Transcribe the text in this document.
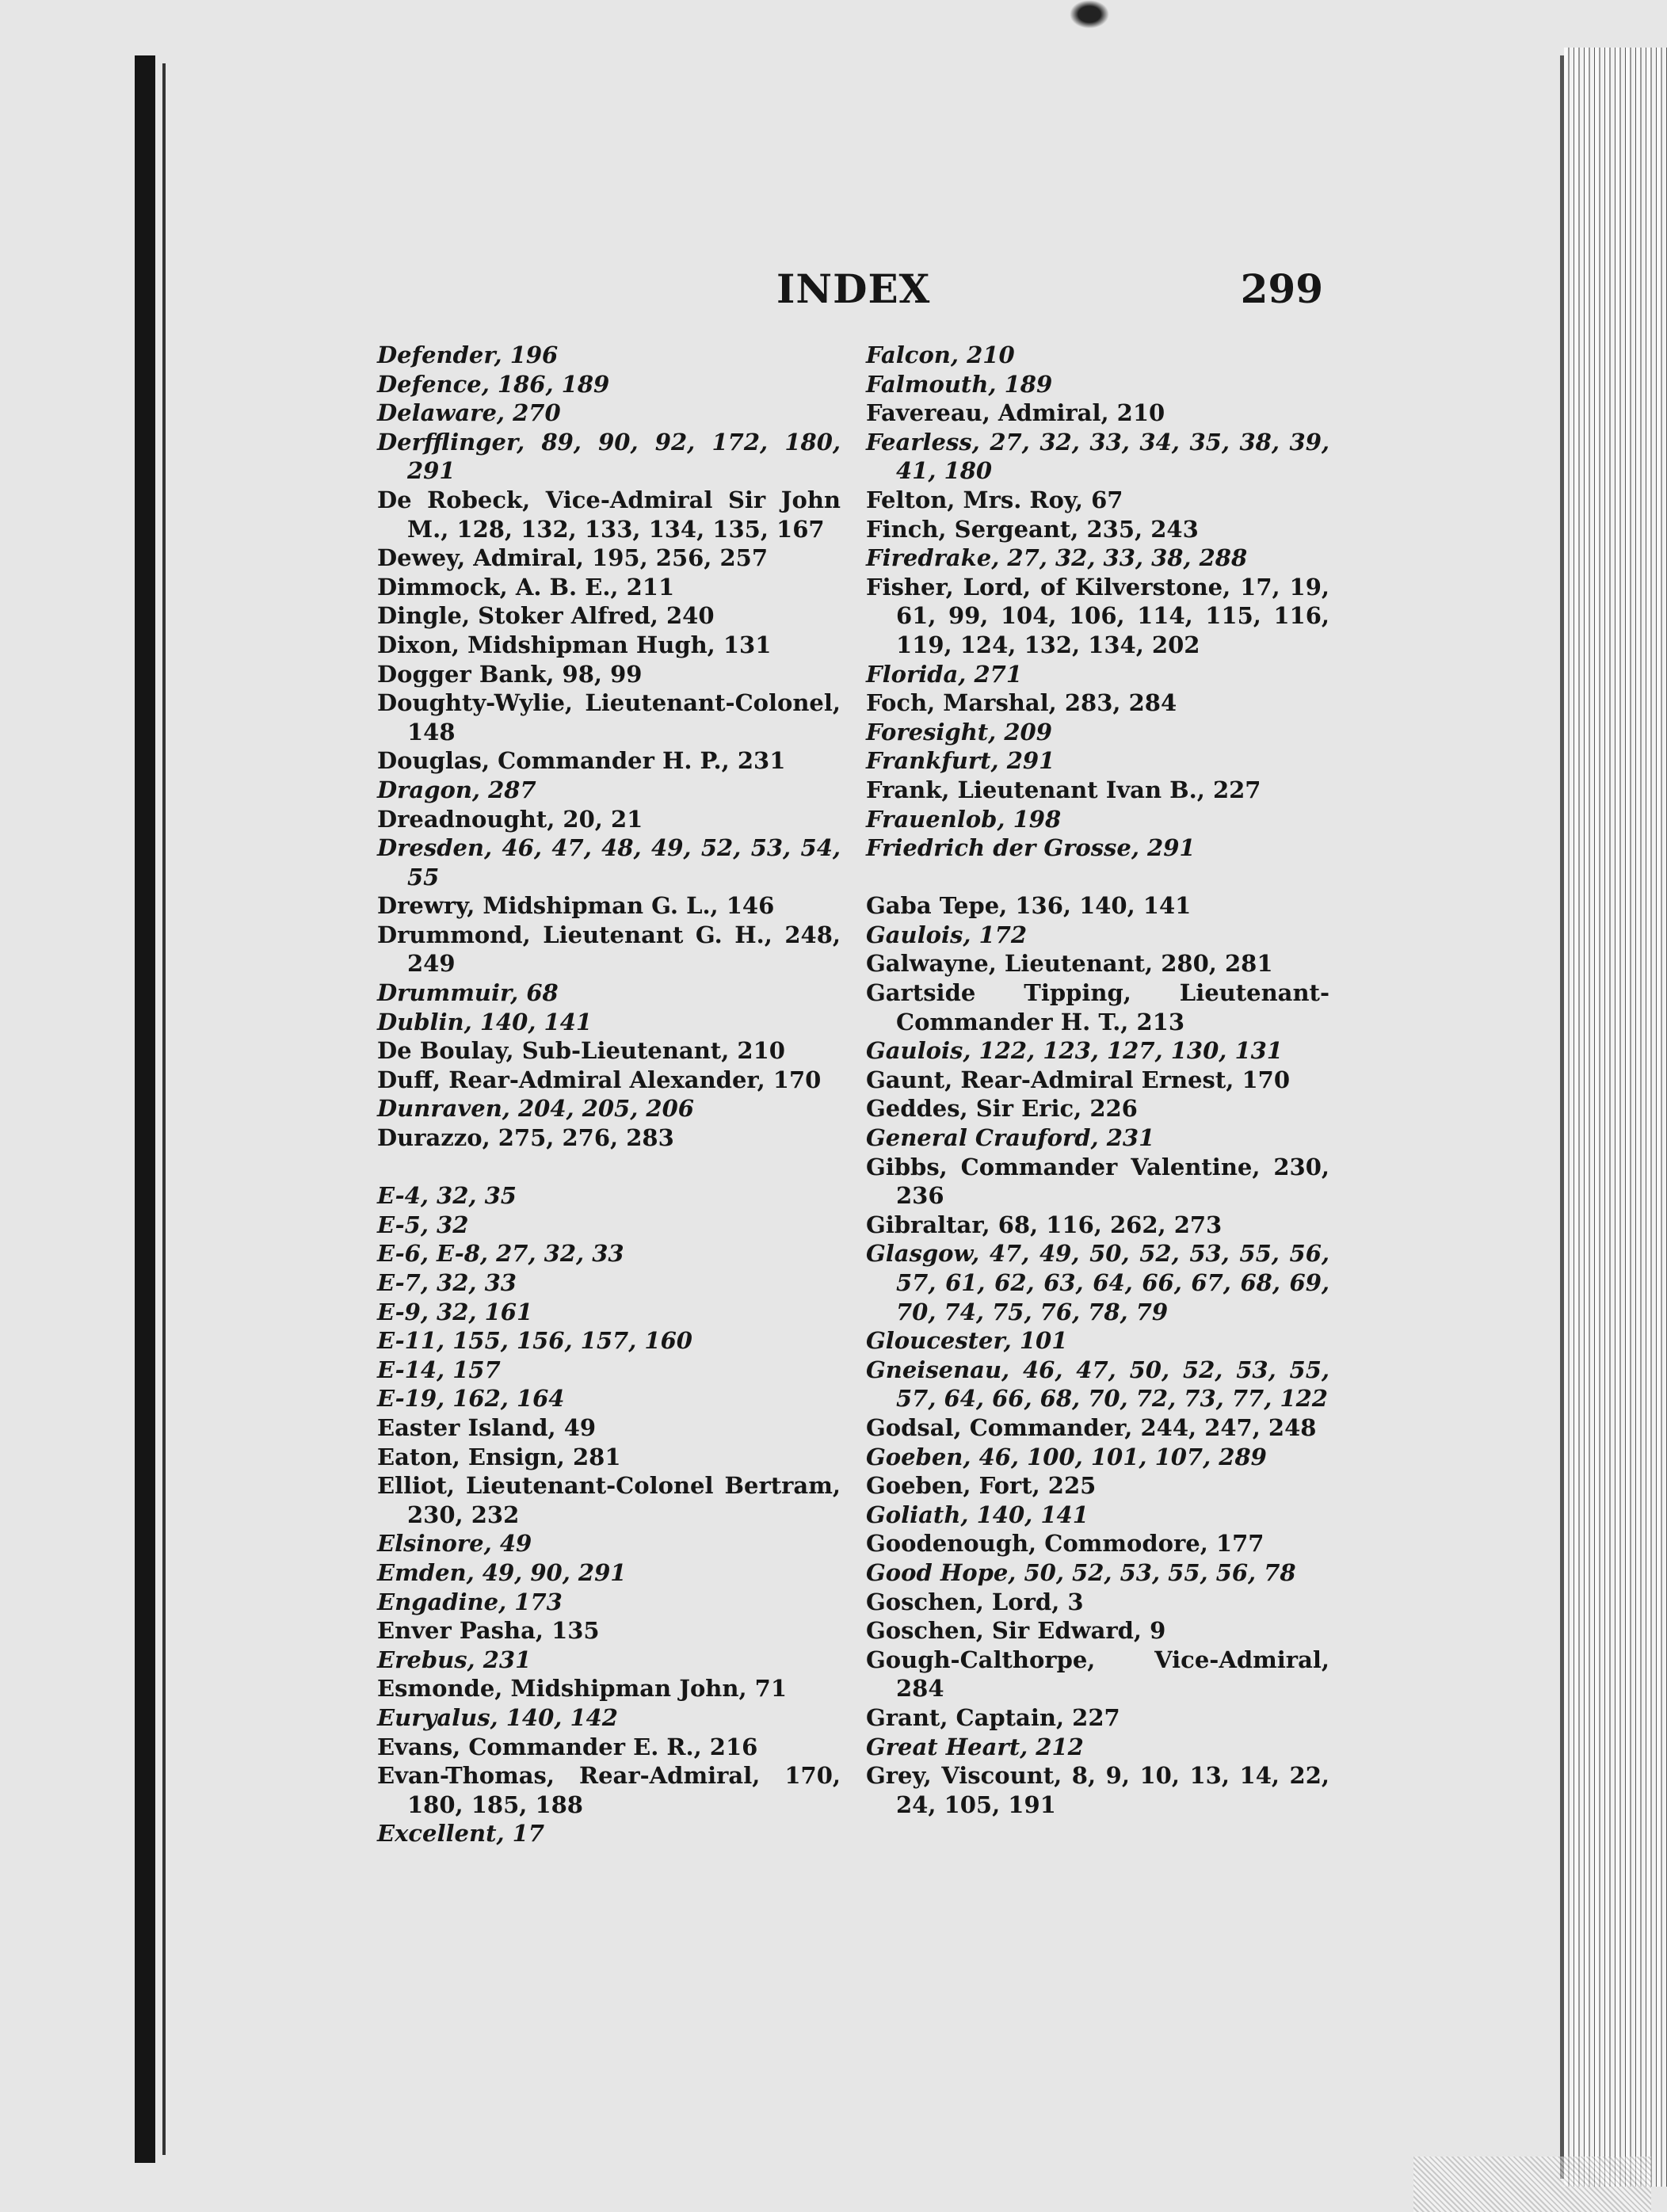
INDEX	299
Defender, 196
Defence, 186, 189
Delaware, 270
Derfflinger, 89, 90, 92, 172, 180, 291
De Robeck, Vice-Admiral Sir John M., 128, 132, 133, 134, 135, 167
Dewey, Admiral, 195, 256, 257
Dimmock, A. B. E., 211
Dingle, Stoker Alfred, 240
Dixon, Midshipman Hugh, 131
Dogger Bank, 98, 99
Doughty-Wylie, Lieutenant-Colonel, 148
Douglas, Commander H. P., 231
Dragon, 287
Dreadnought, 20, 21
Dresden, 46, 47, 48, 49, 52, 53, 54, 55
Drewry, Midshipman G. L., 146
Drummond, Lieutenant G. H., 248, 249
Drummuir, 68
Dublin, 140, 141
De Boulay, Sub-Lieutenant, 210
Duff, Rear-Admiral Alexander, 170
Dunraven, 204, 205, 206
Durazzo, 275, 276, 283
E-4, 32, 35
E-5, 32
E-6, E-8, 27, 32, 33
E-7, 32, 33
E-9, 32, 161
E-11, 155, 156, 157, 160
E-14, 157
E-19, 162, 164
Easter Island, 49
Eaton, Ensign, 281
Elliot, Lieutenant-Colonel Bertram, 230, 232
Elsinore, 49
Emden, 49, 90, 291
Engadine, 173
Enver Pasha, 135
Erebus, 231
Esmonde, Midshipman John, 71
Euryalus, 140, 142
Evans, Commander E. R., 216
Evan-Thomas, Rear-Admiral, 170, 180, 185, 188
Excellent, 17
Falcon, 210
Falmouth, 189
Favereau, Admiral, 210
Fearless, 27, 32, 33, 34, 35, 38, 39, 41, 180
Felton, Mrs. Roy, 67
Finch, Sergeant, 235, 243
Firedrake, 27, 32, 33, 38, 288
Fisher, Lord, of Kilverstone, 17, 19, 61, 99, 104, 106, 114, 115, 116, 119, 124, 132, 134, 202
Florida, 271
Foch, Marshal, 283, 284
Foresight, 209
Frankfurt, 291
Frank, Lieutenant Ivan B., 227
Frauenlob, 198
Friedrich der Grosse, 291
Gaba Tepe, 136, 140, 141
Gaulois, 172
Galwayne, Lieutenant, 280, 281
Gartside Tipping, Lieutenant-Commander H. T., 213
Gaulois, 122, 123, 127, 130, 131
Gaunt, Rear-Admiral Ernest, 170
Geddes, Sir Eric, 226
General Crauford, 231
Gibbs, Commander Valentine, 230, 236
Gibraltar, 68, 116, 262, 273
Glasgow, 47, 49, 50, 52, 53, 55, 56, 57, 61, 62, 63, 64, 66, 67, 68, 69, 70, 74, 75, 76, 78, 79
Gloucester, 101
Gneisenau, 46, 47, 50, 52, 53, 55, 57, 64, 66, 68, 70, 72, 73, 77, 122
Godsal, Commander, 244, 247, 248
Goeben, 46, 100, 101, 107, 289
Goeben, Fort, 225
Goliath, 140, 141
Goodenough, Commodore, 177
Good Hope, 50, 52, 53, 55, 56, 78
Goschen, Lord, 3
Goschen, Sir Edward, 9
Gough-Calthorpe, Vice-Admiral, 284
Grant, Captain, 227
Great Heart, 212
Grey, Viscount, 8, 9, 10, 13, 14, 22, 24, 105, 191
